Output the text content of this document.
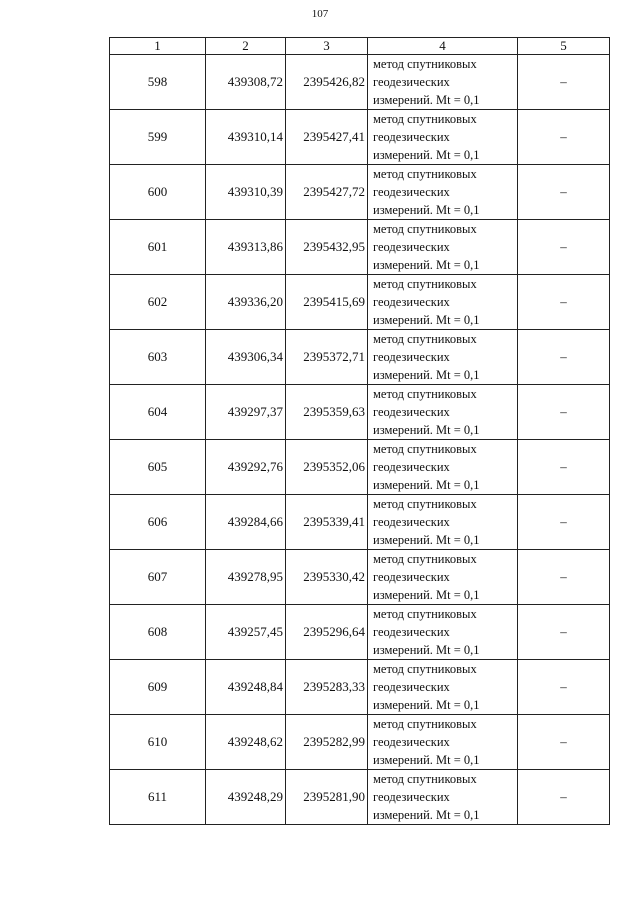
107
1	2	3	4	5
598	439308,72	2395426,82	метод спутниковых
геодезических
измерений. Mt = 0,1	–
599	439310,14	2395427,41	метод спутниковых
геодезических
измерений. Mt = 0,1	–
600	439310,39	2395427,72	метод спутниковых
геодезических
измерений. Mt = 0,1	–
601	439313,86	2395432,95	метод спутниковых
геодезических
измерений. Mt = 0,1	–
602	439336,20	2395415,69	метод спутниковых
геодезических
измерений. Mt = 0,1	–
603	439306,34	2395372,71	метод спутниковых
геодезических
измерений. Mt = 0,1	–
604	439297,37	2395359,63	метод спутниковых
геодезических
измерений. Mt = 0,1	–
605	439292,76	2395352,06	метод спутниковых
геодезических
измерений. Mt = 0,1	–
606	439284,66	2395339,41	метод спутниковых
геодезических
измерений. Mt = 0,1	–
607	439278,95	2395330,42	метод спутниковых
геодезических
измерений. Mt = 0,1	–
608	439257,45	2395296,64	метод спутниковых
геодезических
измерений. Mt = 0,1	–
609	439248,84	2395283,33	метод спутниковых
геодезических
измерений. Mt = 0,1	–
610	439248,62	2395282,99	метод спутниковых
геодезических
измерений. Mt = 0,1	–
611	439248,29	2395281,90	метод спутниковых
геодезических
измерений. Mt = 0,1	–
